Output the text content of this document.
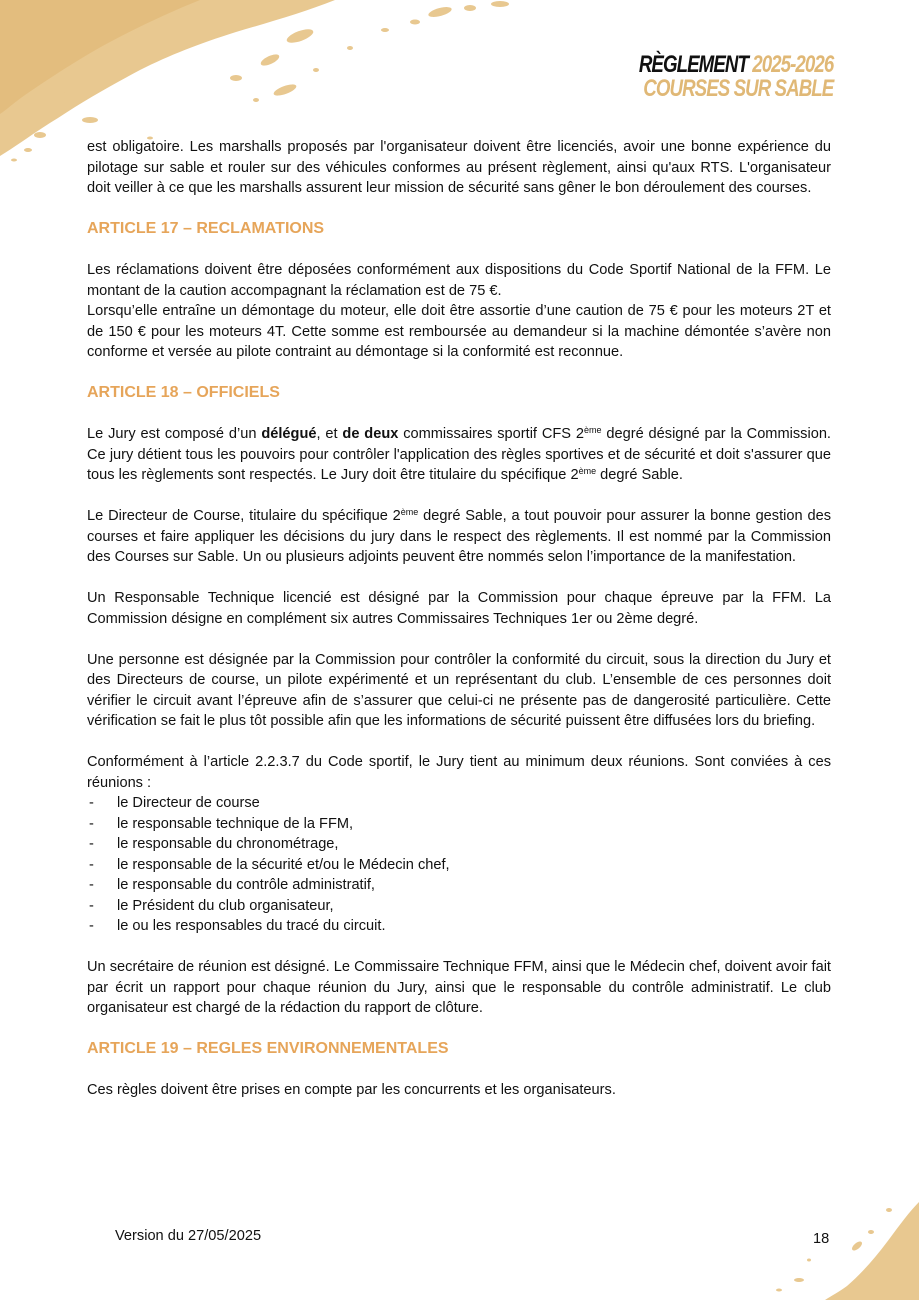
RÈGLEMENT 2025-2026
COURSES SUR SABLE

est obligatoire. Les marshalls proposés par l'organisateur doivent être licenciés, avoir une bonne expérience du pilotage sur sable et rouler sur des véhicules conformes au présent règlement, ainsi qu'aux RTS. L'organisateur doit veiller à ce que les marshalls assurent leur mission de sécurité sans gêner le bon déroulement des courses.

ARTICLE 17 – RECLAMATIONS

Les réclamations doivent être déposées conformément aux dispositions du Code Sportif National de la FFM. Le montant de la caution accompagnant la réclamation est de 75 €.

Lorsqu’elle entraîne un démontage du moteur, elle doit être assortie d’une caution de 75 € pour les moteurs 2T et de 150 € pour les moteurs 4T. Cette somme est remboursée au demandeur si la machine démontée s’avère non conforme et versée au pilote contraint au démontage si la conformité est reconnue.

ARTICLE 18 – OFFICIELS

Le Jury est composé d’un délégué, et de deux commissaires sportif CFS 2ème degré désigné par la Commission. Ce jury détient tous les pouvoirs pour contrôler l'application des règles sportives et de sécurité et doit s'assurer que tous les règlements sont respectés. Le Jury doit être titulaire du spécifique 2ème degré Sable.

Le Directeur de Course, titulaire du spécifique 2ème degré Sable, a tout pouvoir pour assurer la bonne gestion des courses et faire appliquer les décisions du jury dans le respect des règlements. Il est nommé par la Commission des Courses sur Sable. Un ou plusieurs adjoints peuvent être nommés selon l’importance de la manifestation.

Un Responsable Technique licencié est désigné par la Commission pour chaque épreuve par la FFM. La Commission désigne en complément six autres Commissaires Techniques 1er ou 2ème degré.

Une personne est désignée par la Commission pour contrôler la conformité du circuit, sous la direction du Jury et des Directeurs de course, un pilote expérimenté et un représentant du club. L’ensemble de ces personnes doit vérifier le circuit avant l’épreuve afin de s’assurer que celui-ci ne présente pas de dangerosité particulière. Cette vérification se fait le plus tôt possible afin que les informations de sécurité puissent être diffusées lors du briefing.

Conformément à l’article 2.2.3.7 du Code sportif, le Jury tient au minimum deux réunions. Sont conviées à ces réunions :

- le Directeur de course
- le responsable technique de la FFM,
- le responsable du chronométrage,
- le responsable de la sécurité et/ou le Médecin chef,
- le responsable du contrôle administratif,
- le Président du club organisateur,
- le ou les responsables du tracé du circuit.

Un secrétaire de réunion est désigné. Le Commissaire Technique FFM, ainsi que le Médecin chef, doivent avoir fait par écrit un rapport pour chaque réunion du Jury, ainsi que le responsable du contrôle administratif. Le club organisateur est chargé de la rédaction du rapport de clôture.

ARTICLE 19 – REGLES ENVIRONNEMENTALES

Ces règles doivent être prises en compte par les concurrents et les organisateurs.

Version du 27/05/2025	18
